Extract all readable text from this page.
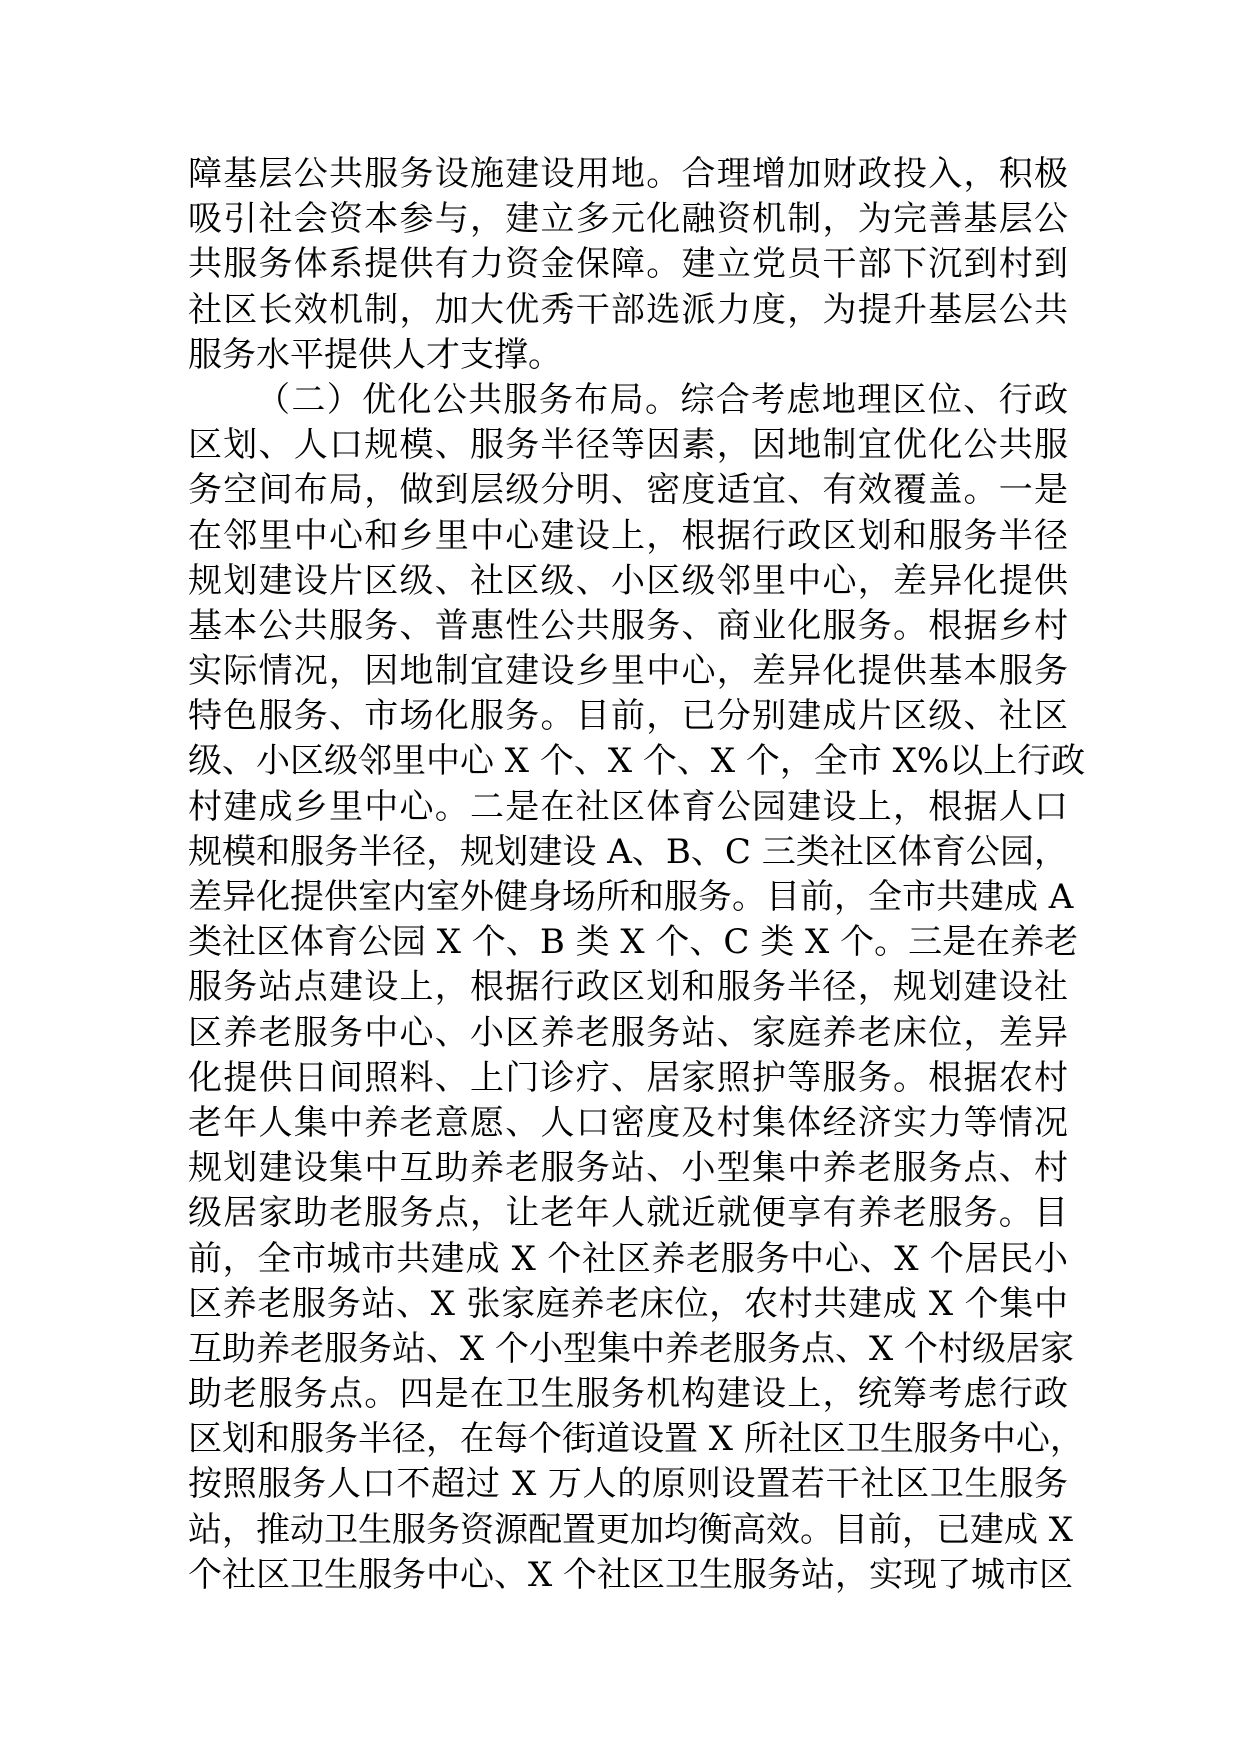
障基层公共服务设施建设用地。合理增加财政投入，积极
吸引社会资本参与，建立多元化融资机制，为完善基层公
共服务体系提供有力资金保障。建立党员干部下沉到村到
社区长效机制，加大优秀干部选派力度，为提升基层公共
服务水平提供人才支撑。
（二）优化公共服务布局。综合考虑地理区位、行政
区划、人口规模、服务半径等因素，因地制宜优化公共服
务空间布局，做到层级分明、密度适宜、有效覆盖。一是
在邻里中心和乡里中心建设上，根据行政区划和服务半径
规划建设片区级、社区级、小区级邻里中心，差异化提供
基本公共服务、普惠性公共服务、商业化服务。根据乡村
实际情况，因地制宜建设乡里中心，差异化提供基本服务
特色服务、市场化服务。目前，已分别建成片区级、社区
级、小区级邻里中心 X 个、X 个、X 个，全市 X%以上行政
村建成乡里中心。二是在社区体育公园建设上，根据人口
规模和服务半径，规划建设 A、B、C 三类社区体育公园，
差异化提供室内室外健身场所和服务。目前，全市共建成 A
类社区体育公园 X 个、B 类 X 个、C 类 X 个。三是在养老
服务站点建设上，根据行政区划和服务半径，规划建设社
区养老服务中心、小区养老服务站、家庭养老床位，差异
化提供日间照料、上门诊疗、居家照护等服务。根据农村
老年人集中养老意愿、人口密度及村集体经济实力等情况
规划建设集中互助养老服务站、小型集中养老服务点、村
级居家助老服务点，让老年人就近就便享有养老服务。目
前，全市城市共建成 X 个社区养老服务中心、X 个居民小
区养老服务站、X 张家庭养老床位，农村共建成 X 个集中
互助养老服务站、X 个小型集中养老服务点、X 个村级居家
助老服务点。四是在卫生服务机构建设上，统筹考虑行政
区划和服务半径，在每个街道设置 X 所社区卫生服务中心，
按照服务人口不超过 X 万人的原则设置若干社区卫生服务
站，推动卫生服务资源配置更加均衡高效。目前，已建成 X
个社区卫生服务中心、X 个社区卫生服务站，实现了城市区
